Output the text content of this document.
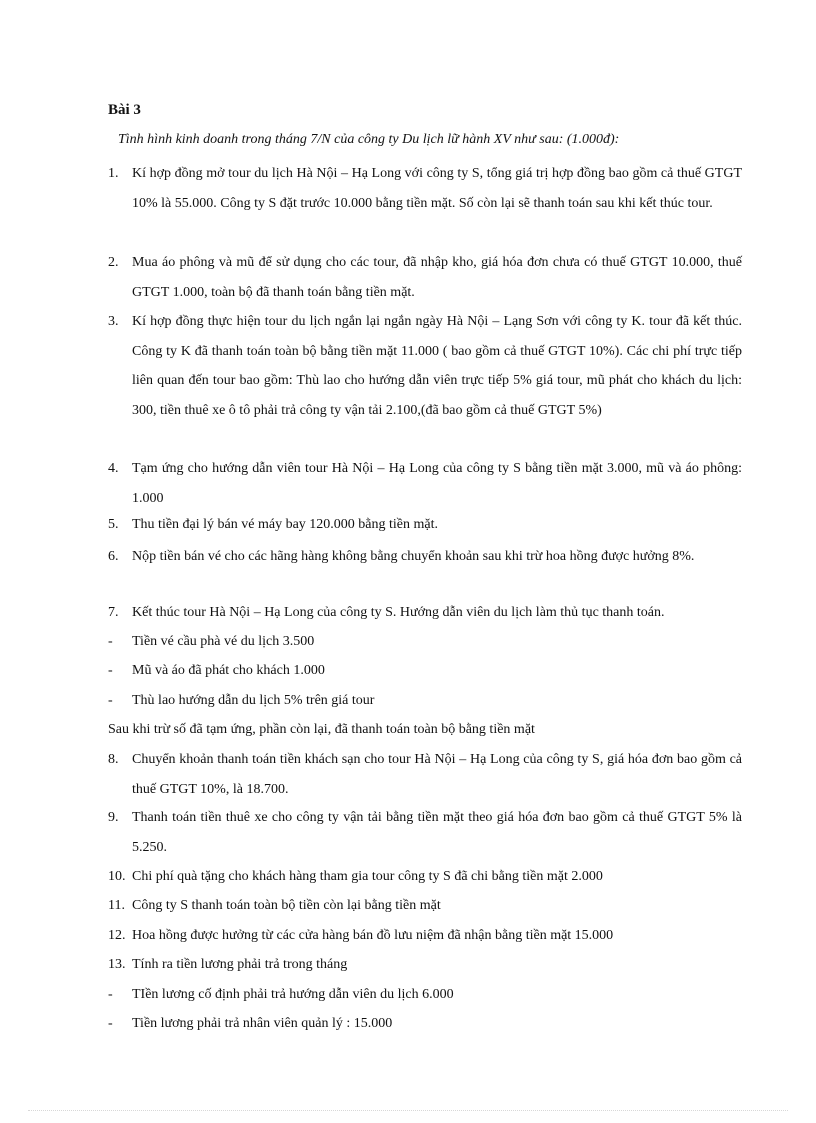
Bài 3
Tình hình kinh doanh trong tháng 7/N của công ty Du lịch lữ hành XV như sau: (1.000đ):
1. Kí hợp đồng mở tour du lịch Hà Nội – Hạ Long với công ty S, tổng giá trị hợp đồng bao gồm cả thuế GTGT 10% là 55.000. Công ty S đặt trước 10.000 bằng tiền mặt. Số còn lại sẽ thanh toán sau khi kết thúc tour.
2. Mua áo phông và mũ để sử dụng cho các tour, đã nhập kho, giá hóa đơn chưa có thuế GTGT 10.000, thuế GTGT 1.000, toàn bộ đã thanh toán bằng tiền mặt.
3. Kí hợp đồng thực hiện tour du lịch ngắn lại ngắn ngày Hà Nội – Lạng Sơn với công ty K. tour đã kết thúc. Công ty K đã thanh toán toàn bộ bằng tiền mặt 11.000 ( bao gồm cả thuế GTGT 10%). Các chi phí trực tiếp liên quan đến tour bao gồm: Thù lao cho hướng dẫn viên trực tiếp 5% giá tour, mũ phát cho khách du lịch: 300, tiền thuê xe ô tô phải trả công ty vận tải 2.100,(đã bao gồm cả thuế GTGT 5%)
4. Tạm ứng cho hướng dẫn viên tour Hà Nội – Hạ Long của công ty S bằng tiền mặt 3.000, mũ và áo phông: 1.000
5. Thu tiền đại lý bán vé máy bay 120.000 bằng tiền mặt.
6. Nộp tiền bán vé cho các hãng hàng không bằng chuyển khoản sau khi trừ hoa hồng được hưởng 8%.
7. Kết thúc tour Hà Nội – Hạ Long của công ty S. Hướng dẫn viên du lịch làm thủ tục thanh toán.
-	Tiền vé cầu phà vé du lịch 3.500
-	Mũ và áo đã phát cho khách 1.000
-	Thù lao hướng dẫn du lịch 5% trên giá tour
Sau khi trừ số đã tạm ứng, phần còn lại, đã thanh toán toàn bộ bằng tiền mặt
8. Chuyển khoản thanh toán tiền khách sạn cho tour Hà Nội – Hạ Long của công ty S, giá hóa đơn bao gồm cả thuế GTGT 10%, là 18.700.
9. Thanh toán tiền thuê xe cho công ty vận tải bằng tiền mặt theo giá hóa đơn bao gồm cả thuế GTGT 5% là 5.250.
10. Chi phí quà tặng cho khách hàng tham gia tour công ty S đã chi bằng tiền mặt 2.000
11. Công ty S thanh toán toàn bộ tiền còn lại bằng tiền mặt
12. Hoa hồng được hưởng từ các cửa hàng bán đồ lưu niệm đã nhận bằng tiền mặt 15.000
13. Tính ra tiền lương phải trả trong tháng
-	TIền lương cố định phải trả hướng dẫn viên du lịch 6.000
-	Tiền lương phải trả nhân viên quản lý : 15.000
